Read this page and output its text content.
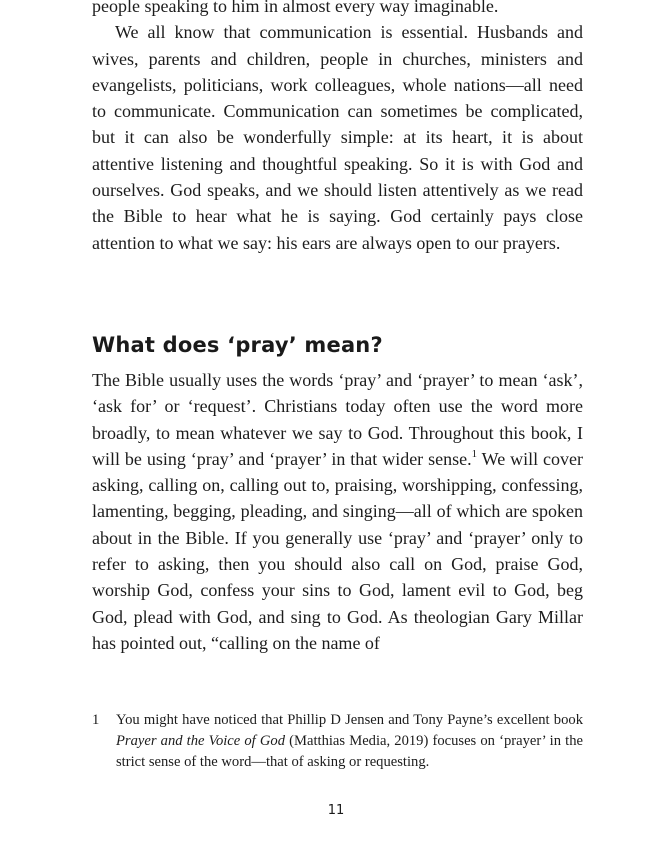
people speaking to him in almost every way imaginable.

We all know that communication is essential. Husbands and wives, parents and children, people in churches, ministers and evangelists, politicians, work colleagues, whole nations—all need to communicate. Communication can sometimes be complicated, but it can also be wonderfully simple: at its heart, it is about attentive listening and thoughtful speaking. So it is with God and ourselves. God speaks, and we should listen attentively as we read the Bible to hear what he is saying. God certainly pays close attention to what we say: his ears are always open to our prayers.

What does ‘pray’ mean?

The Bible usually uses the words ‘pray’ and ‘prayer’ to mean ‘ask’, ‘ask for’ or ‘request’. Christians today often use the word more broadly, to mean whatever we say to God. Throughout this book, I will be using ‘pray’ and ‘prayer’ in that wider sense.$^1$ We will cover asking, calling on, calling out to, praising, worshipping, confessing, lamenting, begging, pleading, and singing—all of which are spoken about in the Bible. If you generally use ‘pray’ and ‘prayer’ only to refer to asking, then you should also call on God, praise God, worship God, confess your sins to God, lament evil to God, beg God, plead with God, and sing to God. As theologian Gary Millar has pointed out, “calling on the name of

1 You might have noticed that Phillip D Jensen and Tony Payne’s excellent book Prayer and the Voice of God (Matthias Media, 2019) focuses on ‘prayer’ in the strict sense of the word—that of asking or requesting.
11
